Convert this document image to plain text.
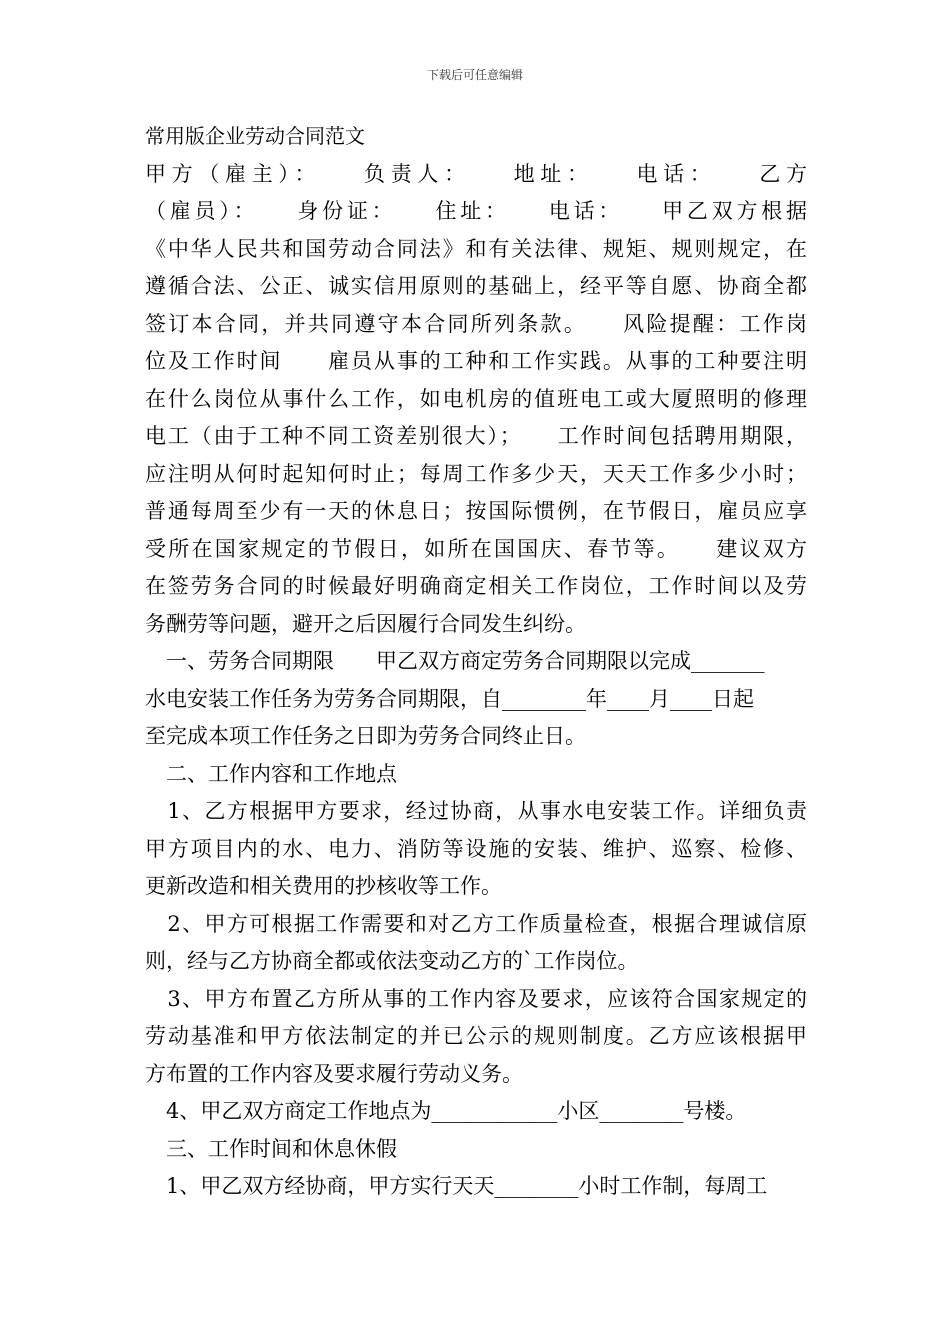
下载后可任意编辑
常用版企业劳动合同范文
甲方（雇主）：　　负责人：　　地址：　　电话：　　乙方
（雇员）：　　身份证：　　住址：　　电话：　　甲乙双方根据
《中华人民共和国劳动合同法》和有关法律、规矩、规则规定，在
遵循合法、公正、诚实信用原则的基础上，经平等自愿、协商全都
签订本合同，并共同遵守本合同所列条款。　　风险提醒：工作岗
位及工作时间　　雇员从事的工种和工作实践。从事的工种要注明
在什么岗位从事什么工作，如电机房的值班电工或大厦照明的修理
电工（由于工种不同工资差别很大）；　　工作时间包括聘用期限，
应注明从何时起知何时止；每周工作多少天，天天工作多少小时；
普通每周至少有一天的休息日；按国际惯例，在节假日，雇员应享
受所在国家规定的节假日，如所在国国庆、春节等。　　建议双方
在签劳务合同的时候最好明确商定相关工作岗位，工作时间以及劳
务酬劳等问题，避开之后因履行合同发生纠纷。
　一、劳务合同期限　　甲乙双方商定劳务合同期限以完成_______
水电安装工作任务为劳务合同期限，自________年____月____日起
至完成本项工作任务之日即为劳务合同终止日。
　二、工作内容和工作地点
　1、乙方根据甲方要求，经过协商，从事水电安装工作。详细负责
甲方项目内的水、电力、消防等设施的安装、维护、巡察、检修、
更新改造和相关费用的抄核收等工作。
　2、甲方可根据工作需要和对乙方工作质量检查，根据合理诚信原
则，经与乙方协商全都或依法变动乙方的`工作岗位。
　3、甲方布置乙方所从事的工作内容及要求，应该符合国家规定的
劳动基准和甲方依法制定的并已公示的规则制度。乙方应该根据甲
方布置的工作内容及要求履行劳动义务。
　4、甲乙双方商定工作地点为____________小区________号楼。
　三、工作时间和休息休假
　1、甲乙双方经协商，甲方实行天天________小时工作制，每周工
